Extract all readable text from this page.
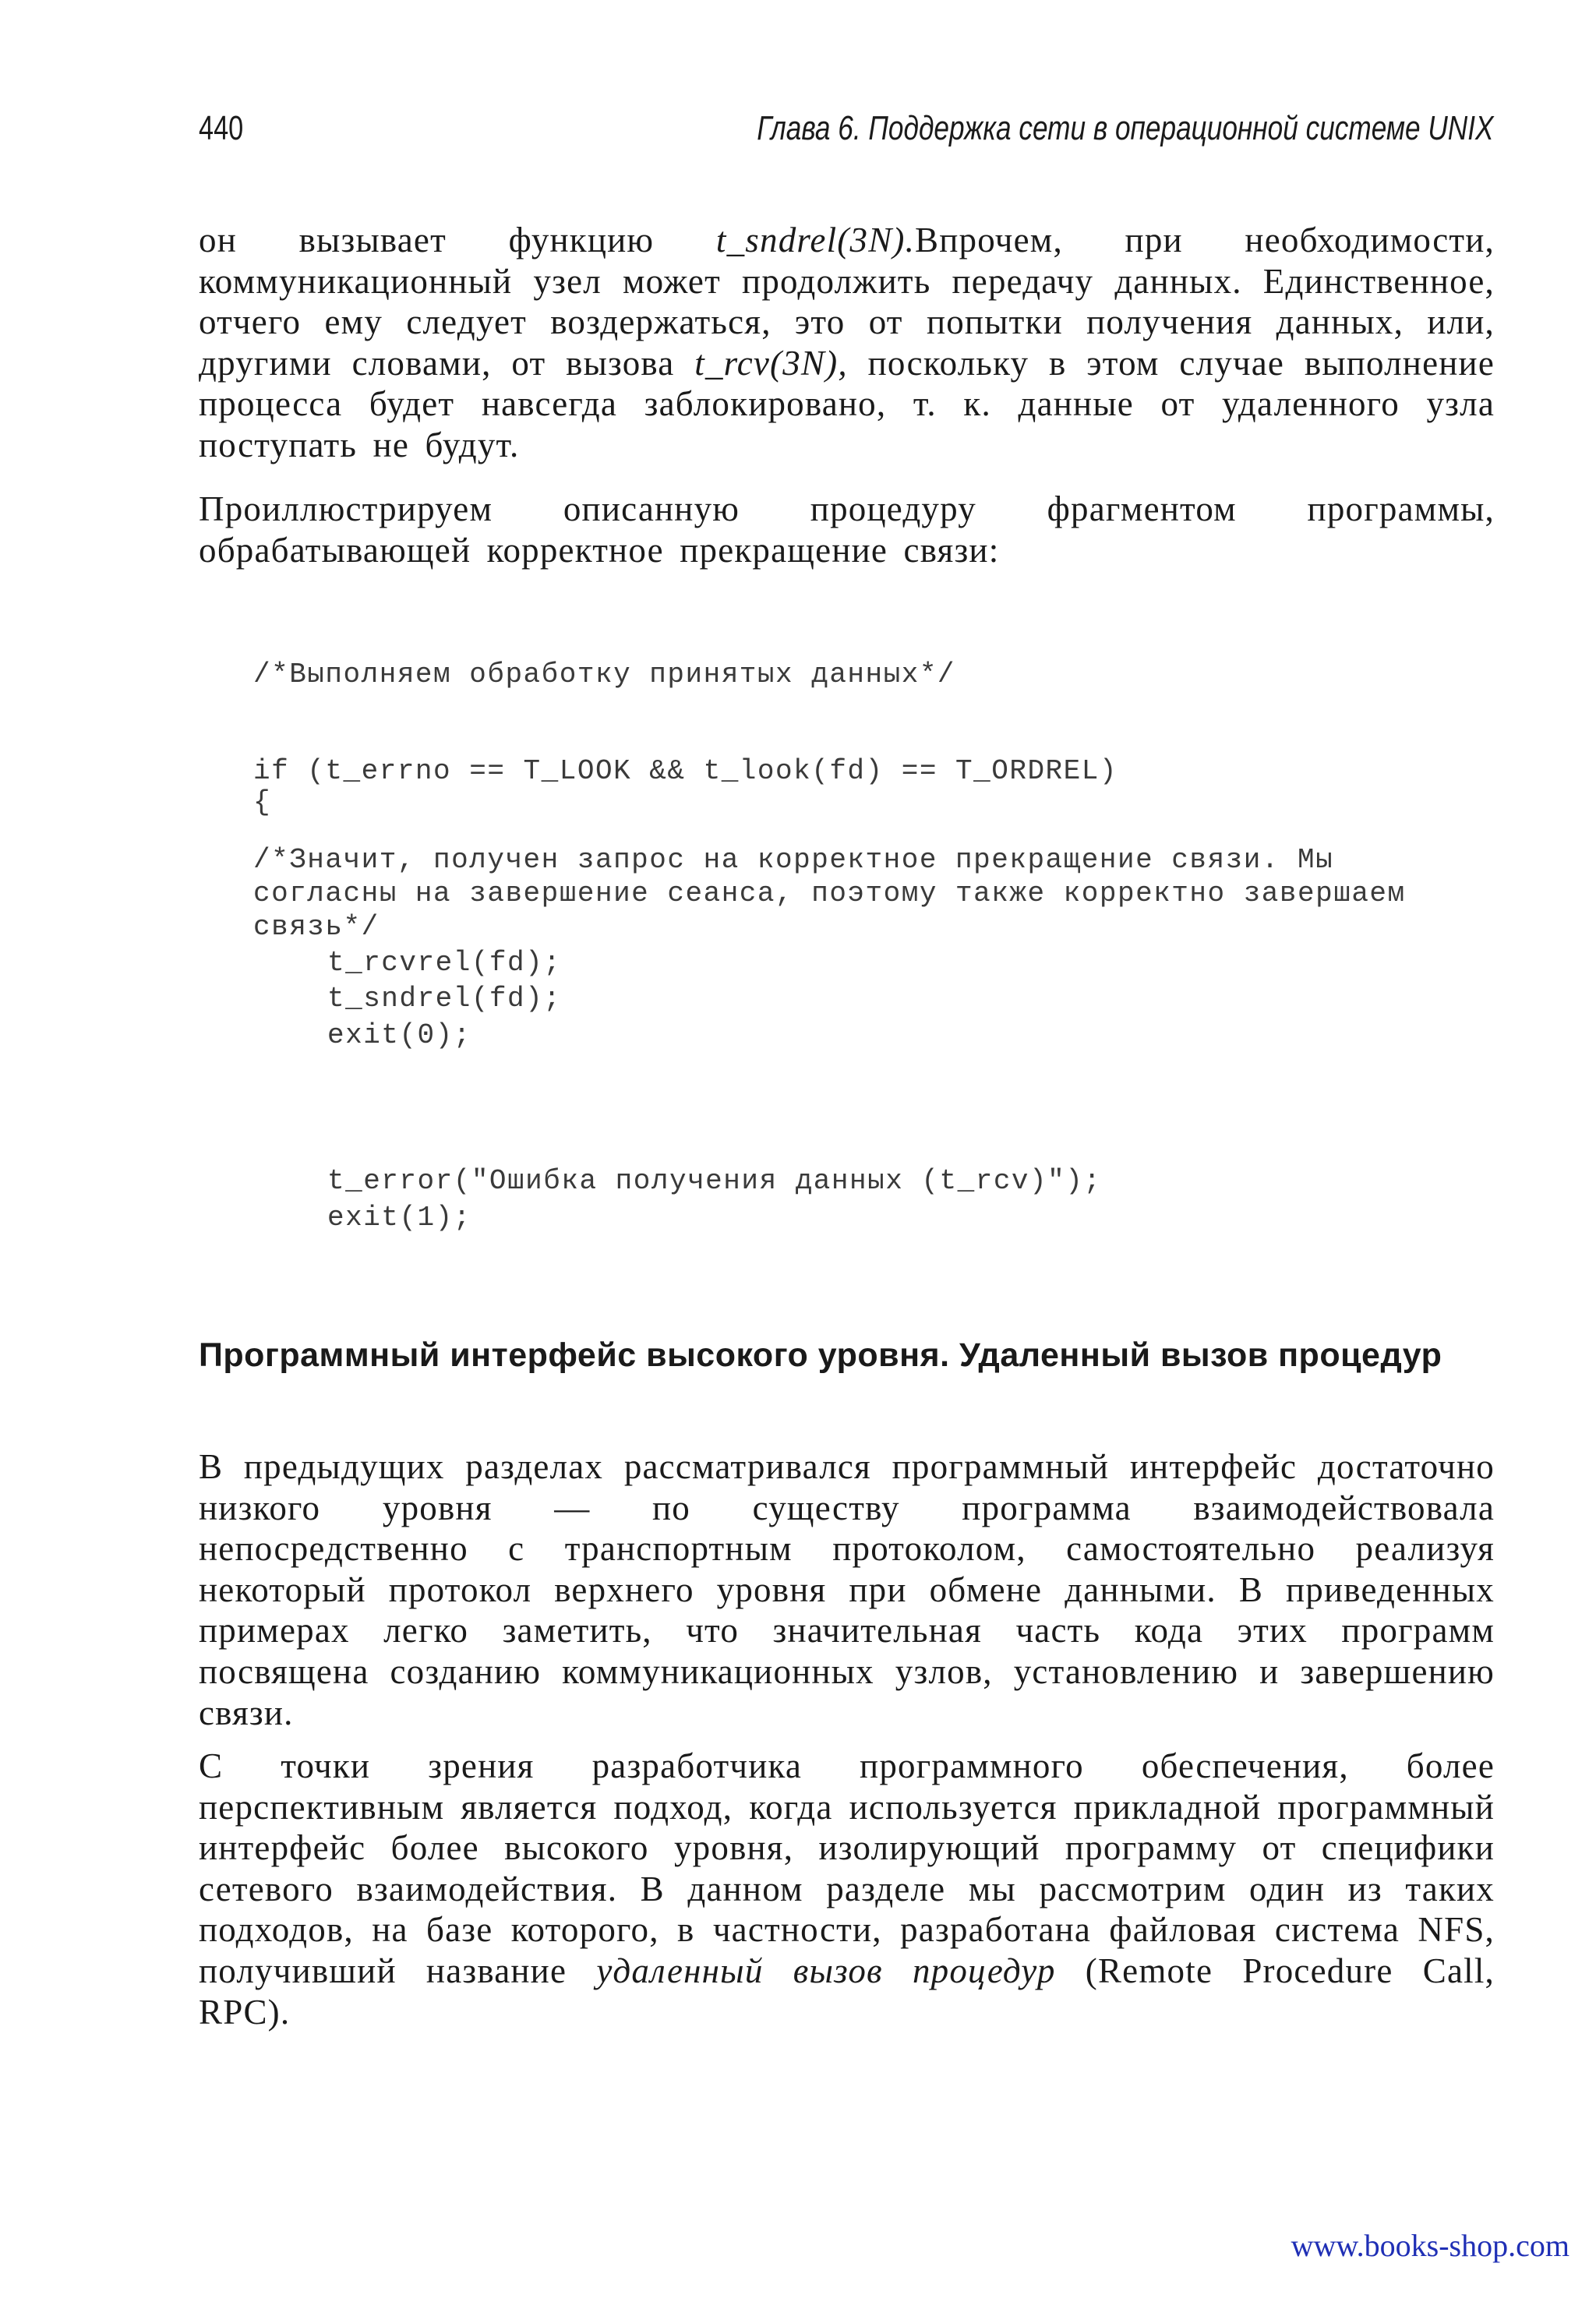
440	Глава 6. Поддержка сети в операционной системе UNIX

он вызывает функцию t_sndrel(3N).Впрочем, при необходимости, коммуникационный узел может продолжить передачу данных. Единственное, отчего ему следует воздержаться, это от попытки получения данных, или, другими словами, от вызова t_rcv(3N), поскольку в этом случае выполнение процесса будет навсегда заблокировано, т. к. данные от удаленного узла поступать не будут.

Проиллюстрируем описанную процедуру фрагментом программы, обрабатывающей корректное прекращение связи:

/*Выполняем обработку принятых данных*/
if (t_errno == T_LOOK && t_look(fd) == T_ORDREL)
{
/*Значит, получен запрос на корректное прекращение связи. Мы
согласны на завершение сеанса, поэтому также корректно завершаем
связь*/
t_rcvrel(fd);
t_sndrel(fd);
exit(0);
t_error("Ошибка получения данных (t_rcv)");
exit(1);
Программный интерфейс высокого уровня. Удаленный вызов процедур

В предыдущих разделах рассматривался программный интерфейс достаточно низкого уровня — по существу программа взаимодействовала непосредственно с транспортным протоколом, самостоятельно реализуя некоторый протокол верхнего уровня при обмене данными. В приведенных примерах легко заметить, что значительная часть кода этих программ посвящена созданию коммуникационных узлов, установлению и завершению связи.

С точки зрения разработчика программного обеспечения, более перспективным является подход, когда используется прикладной программный интерфейс более высокого уровня, изолирующий программу от специфики сетевого взаимодействия. В данном разделе мы рассмотрим один из таких подходов, на базе которого, в частности, разработана файловая система NFS, получивший название удаленный вызов процедур (Remote Procedure Call, RPC).

www.books-shop.com
